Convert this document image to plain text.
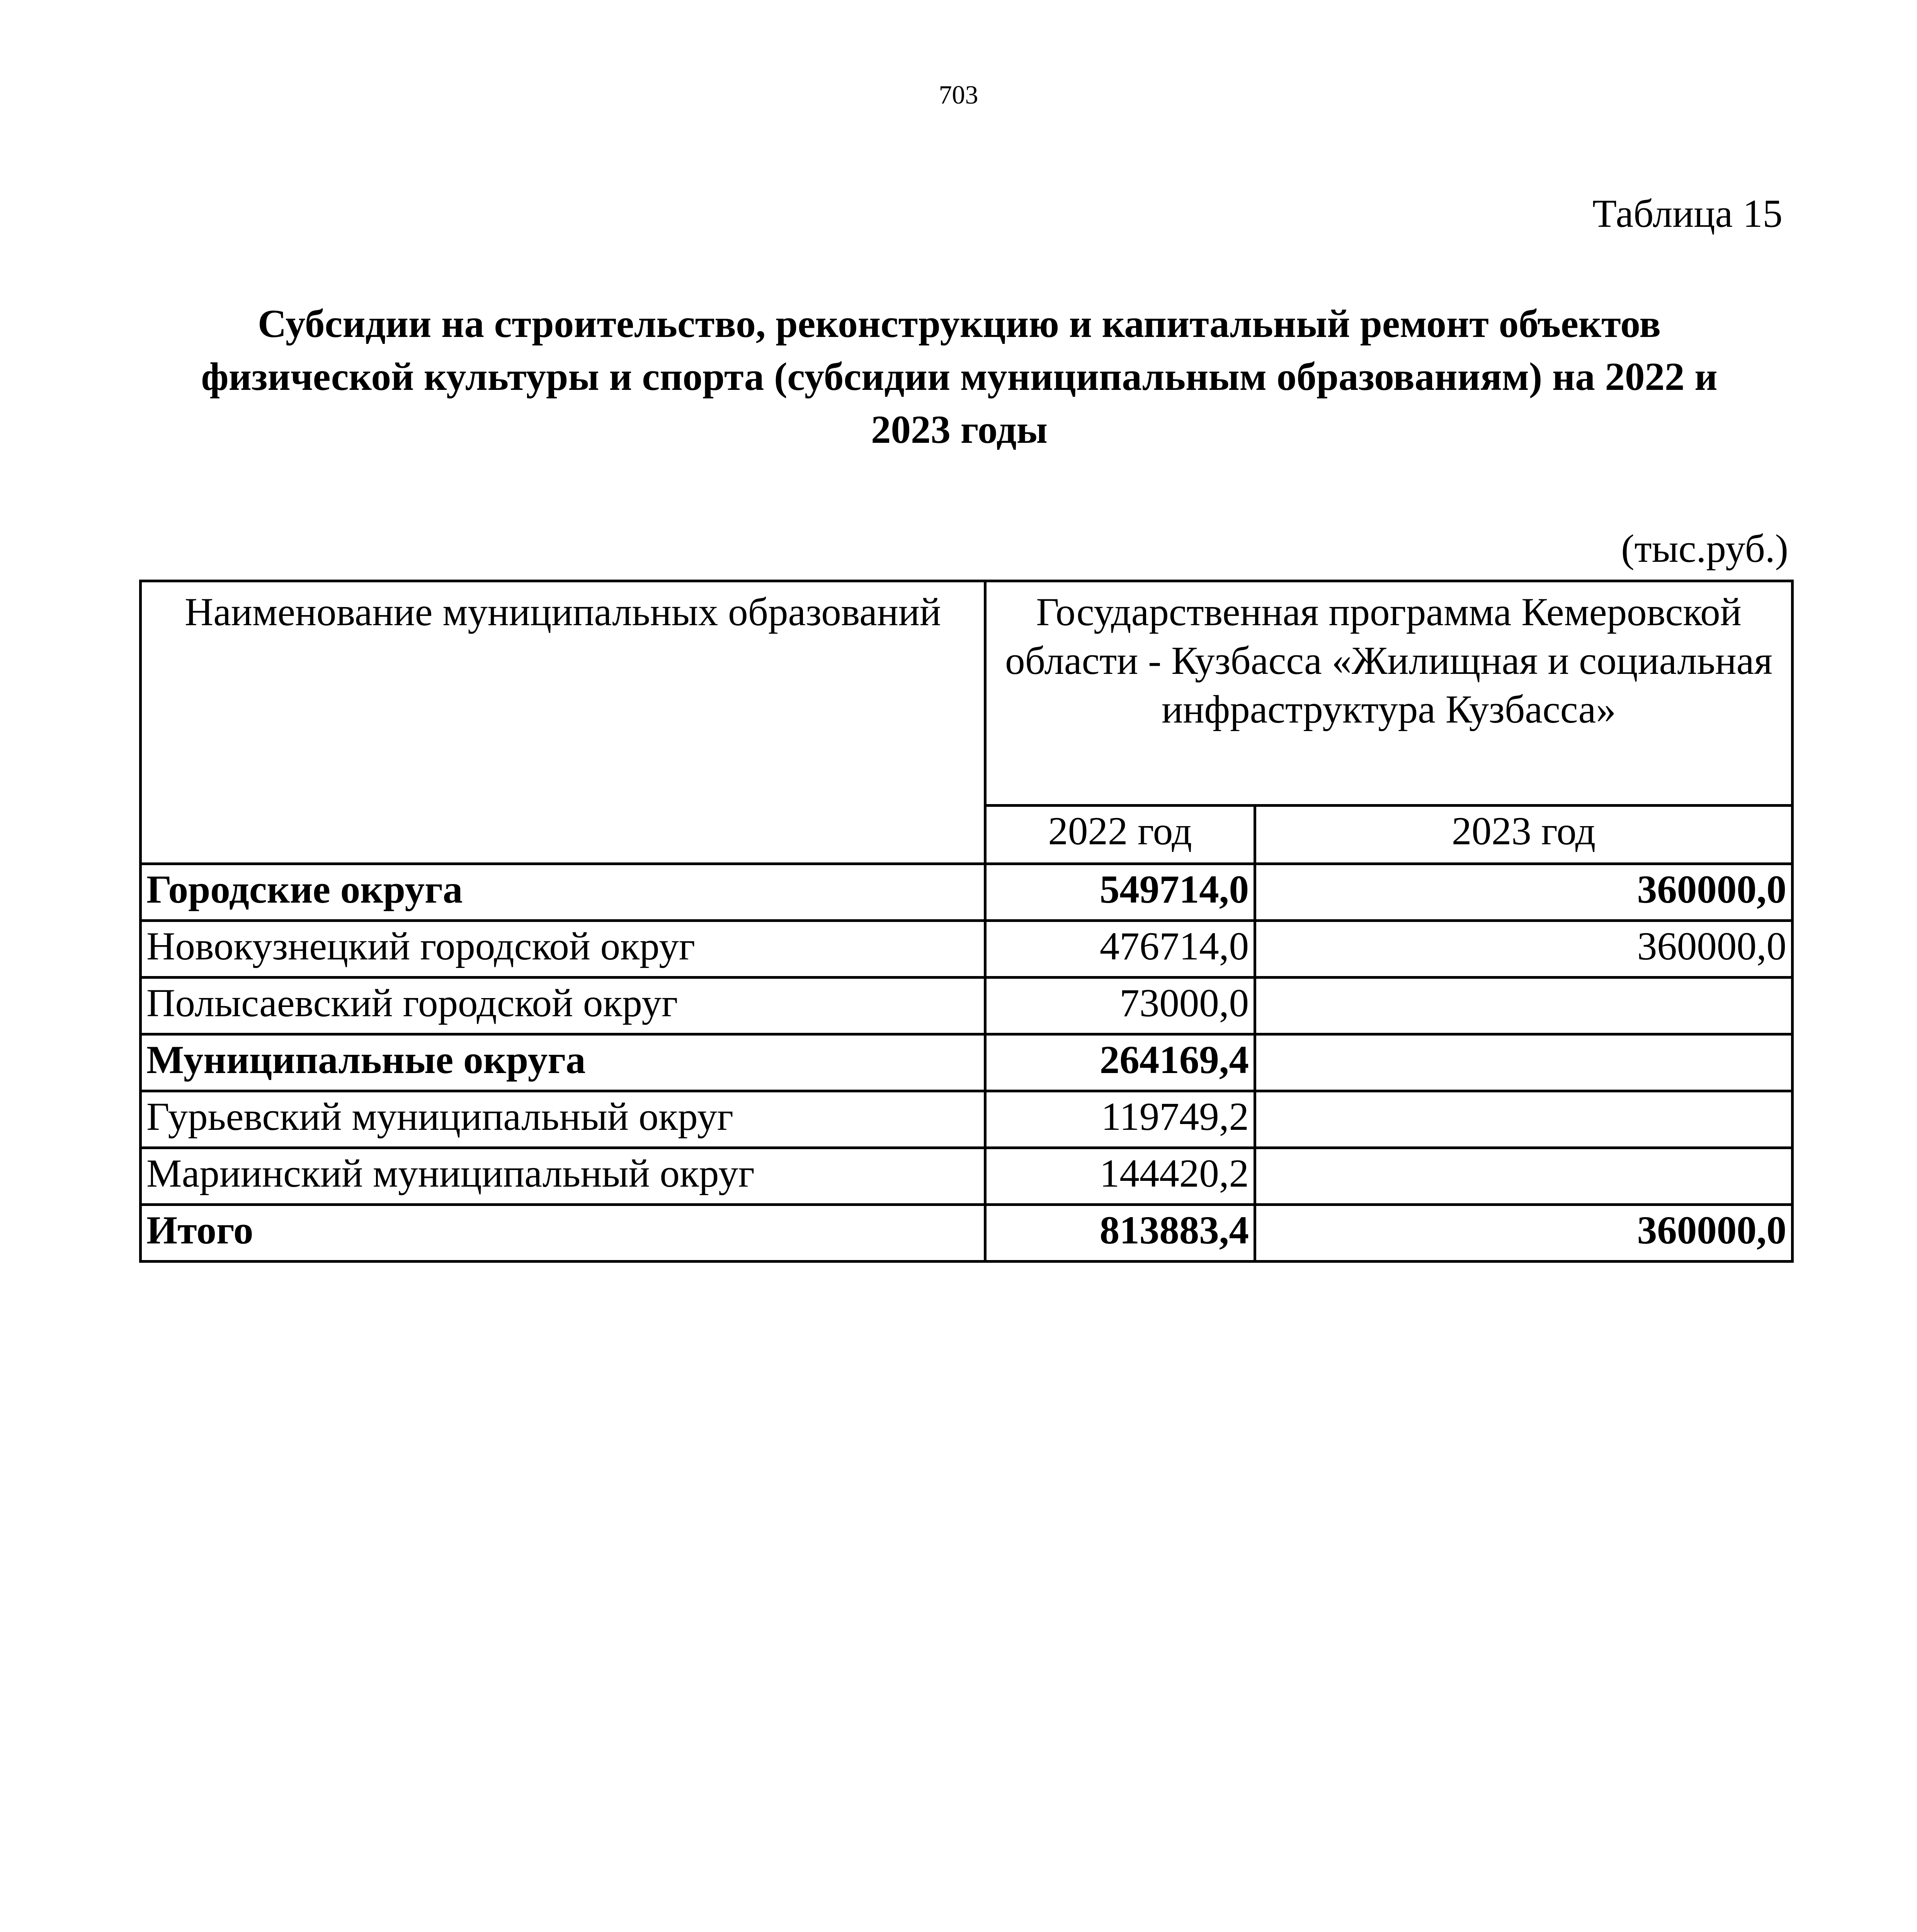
703
Таблица 15
Субсидии на строительство, реконструкцию и капитальный ремонт объектов
физической культуры и спорта (субсидии муниципальным образованиям) на 2022 и
2023 годы
(тыс.руб.)
Наименование муниципальных образований	Государственная программа Кемеровской области - Кузбасса «Жилищная и социальная инфраструктура Кузбасса»	
	2022 год	2023 год
Городские округа	549714,0	360000,0
Новокузнецкий городской округ	476714,0	360000,0
Полысаевский городской округ	73000,0	
Муниципальные округа	264169,4	
Гурьевский муниципальный округ	119749,2	
Мариинский муниципальный округ	144420,2	
Итого	813883,4	360000,0
